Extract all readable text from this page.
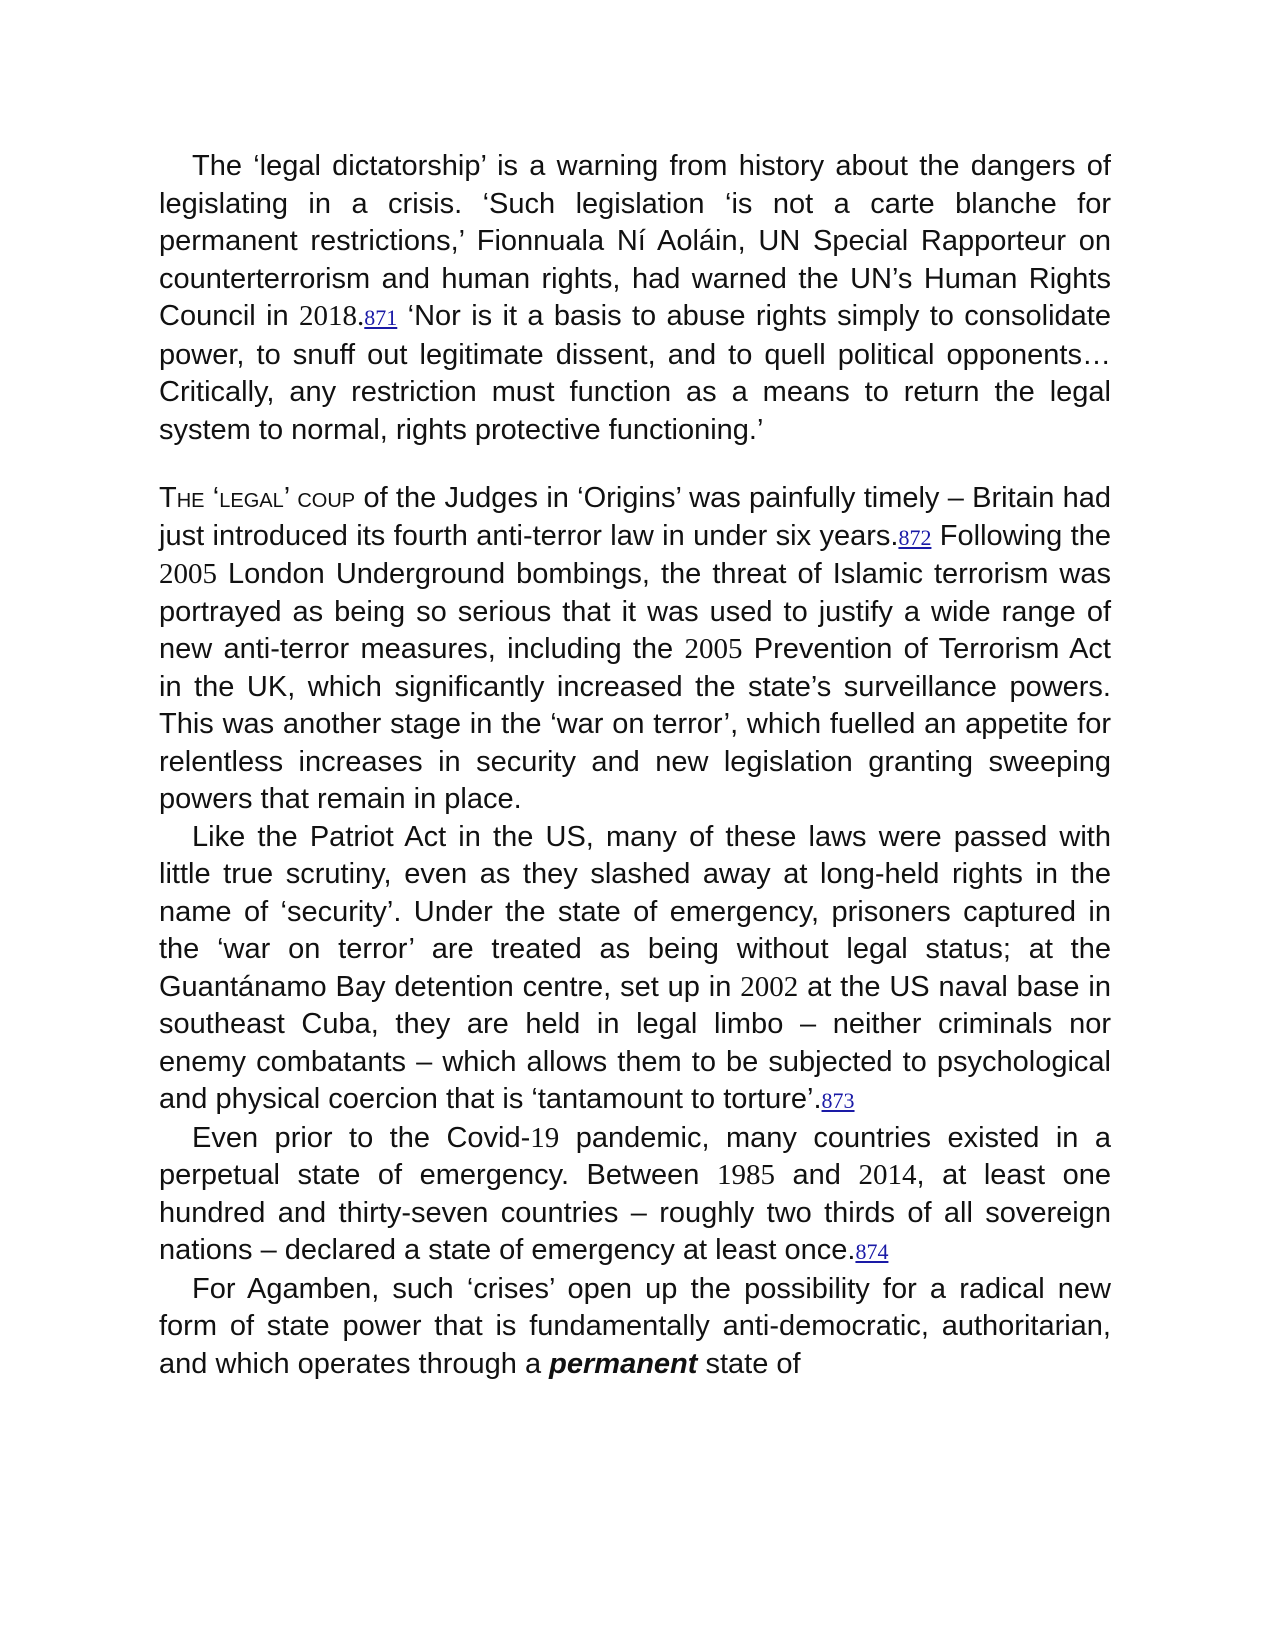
The ‘legal dictatorship’ is a warning from history about the dangers of legislating in a crisis. ‘Such legislation ‘is not a carte blanche for permanent restrictions,’ Fionnuala Ní Aoláin, UN Special Rapporteur on counterterrorism and human rights, had warned the UN’s Human Rights Council in 2018.871 ‘Nor is it a basis to abuse rights simply to consolidate power, to snuff out legitimate dissent, and to quell political opponents… Critically, any restriction must function as a means to return the legal system to normal, rights protective functioning.’

The ‘legal’ coup of the Judges in ‘Origins’ was painfully timely – Britain had just introduced its fourth anti-terror law in under six years.872 Following the 2005 London Underground bombings, the threat of Islamic terrorism was portrayed as being so serious that it was used to justify a wide range of new anti-terror measures, including the 2005 Prevention of Terrorism Act in the UK, which significantly increased the state’s surveillance powers. This was another stage in the ‘war on terror’, which fuelled an appetite for relentless increases in security and new legislation granting sweeping powers that remain in place.

Like the Patriot Act in the US, many of these laws were passed with little true scrutiny, even as they slashed away at long-held rights in the name of ‘security’. Under the state of emergency, prisoners captured in the ‘war on terror’ are treated as being without legal status; at the Guantánamo Bay detention centre, set up in 2002 at the US naval base in southeast Cuba, they are held in legal limbo – neither criminals nor enemy combatants – which allows them to be subjected to psychological and physical coercion that is ‘tantamount to torture’.873

Even prior to the Covid-19 pandemic, many countries existed in a perpetual state of emergency. Between 1985 and 2014, at least one hundred and thirty-seven countries – roughly two thirds of all sovereign nations – declared a state of emergency at least once.874

For Agamben, such ‘crises’ open up the possibility for a radical new form of state power that is fundamentally anti-democratic, authoritarian, and which operates through a permanent state of
